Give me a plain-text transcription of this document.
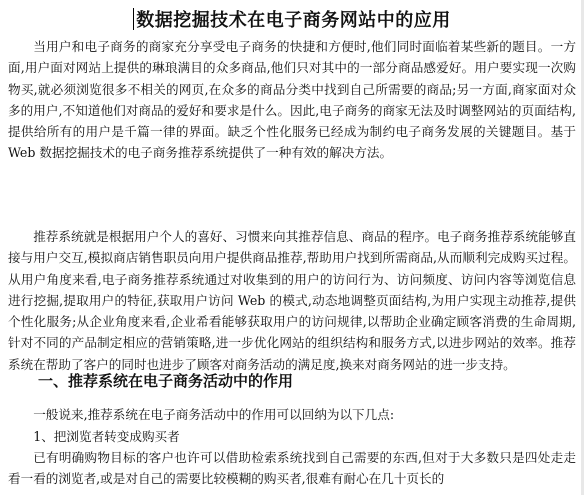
数据挖掘技术在电子商务网站中的应用

当用户和电子商务的商家充分享受电子商务的快捷和方便时,他们同时面临着某些新的题目。一方面,用户面对网站上提供的琳琅满目的众多商品,他们只对其中的一部分商品感爱好。用户要实现一次购物买,就必须浏览很多不相关的网页,在众多的商品分类中找到自己所需要的商品;另一方面,商家面对众多的用户,不知道他们对商品的爱好和要求是什么。因此,电子商务的商家无法及时调整网站的页面结构,提供给所有的用户是千篇一律的界面。缺乏个性化服务已经成为制约电子商务发展的关键题目。基于 Web 数据挖掘技术的电子商务推荐系统提供了一种有效的解决方法。

推荐系统就是根据用户个人的喜好、习惯来向其推荐信息、商品的程序。电子商务推荐系统能够直接与用户交互,模拟商店销售职员向用户提供商品推荐,帮助用户找到所需商品,从而顺利完成购买过程。从用户角度来看,电子商务推荐系统通过对收集到的用户的访问行为、访问频度、访问内容等浏览信息进行挖掘,提取用户的特征,获取用户访问 Web 的模式,动态地调整页面结构,为用户实现主动推荐,提供个性化服务;从企业角度来看,企业希看能够获取用户的访问规律,以帮助企业确定顾客消费的生命周期,针对不同的产品制定相应的营销策略,进一步优化网站的组织结构和服务方式,以进步网站的效率。推荐系统在帮助了客户的同时也进步了顾客对商务活动的满足度,换来对商务网站的进一步支持。

一、推荐系统在电子商务活动中的作用

一般说来,推荐系统在电子商务活动中的作用可以回纳为以下几点:

1、把浏览者转变成购买者

已有明确购物目标的客户也许可以借助检索系统找到自己需要的东西,但对于大多数只是四处走走看一看的浏览者,或是对自己的需要比较模糊的购买者,很难有耐心在几十页长的
